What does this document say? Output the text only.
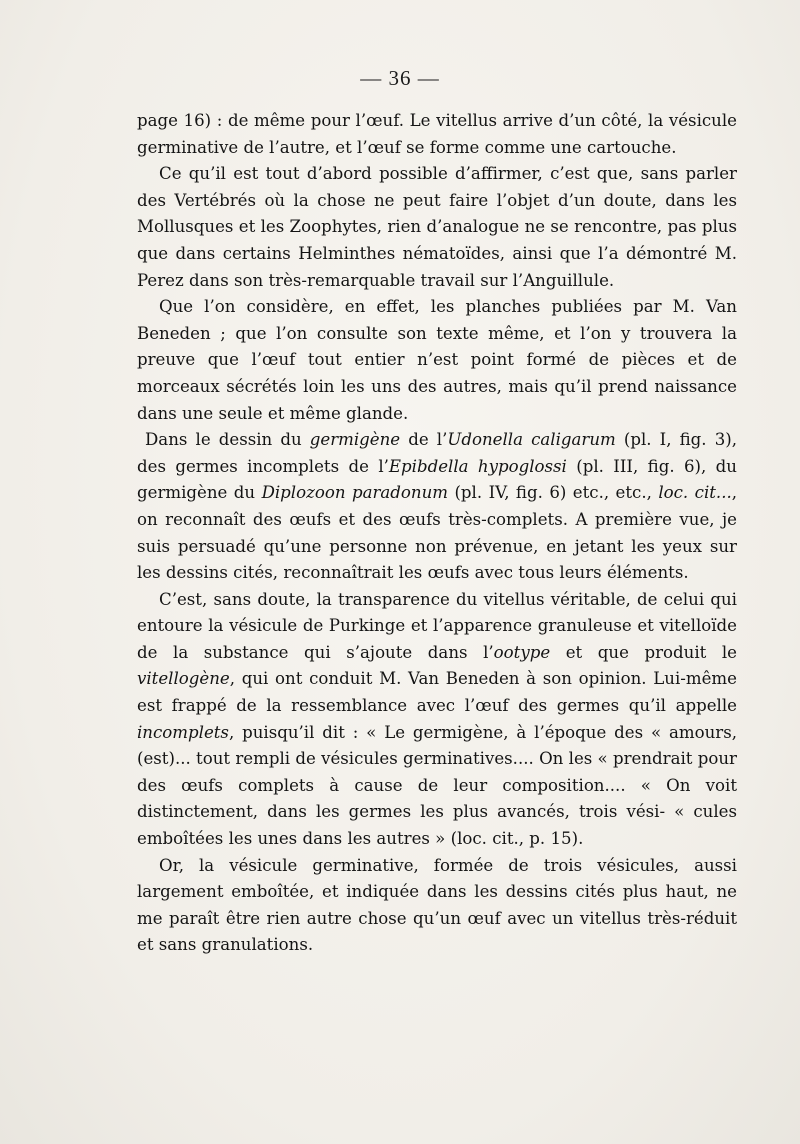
— 36 —

page 16) : de même pour l’œuf. Le vitellus arrive d’un côté, la vésicule germinative de l’autre, et l’œuf se forme comme une cartouche.

Ce qu’il est tout d’abord possible d’affirmer, c’est que, sans parler des Vertébrés où la chose ne peut faire l’objet d’un doute, dans les Mollusques et les Zoophytes, rien d’analogue ne se rencontre, pas plus que dans certains Helminthes nématoïdes, ainsi que l’a démontré M. Perez dans son très-remarquable travail sur l’Anguillule.

Que l’on considère, en effet, les planches publiées par M. Van Beneden ; que l’on consulte son texte même, et l’on y trouvera la preuve que l’œuf tout entier n’est point formé de pièces et de morceaux sécrétés loin les uns des autres, mais qu’il prend naissance dans une seule et même glande.

Dans le dessin du germigène de l’Udonella caligarum (pl. I, fig. 3), des germes incomplets de l’Epibdella hypoglossi (pl. III, fig. 6), du germigène du Diplozoon paradonum (pl. IV, fig. 6) etc., etc., loc. cit..., on reconnaît des œufs et des œufs très-complets. A première vue, je suis persuadé qu’une personne non prévenue, en jetant les yeux sur les dessins cités, reconnaîtrait les œufs avec tous leurs éléments.

C’est, sans doute, la transparence du vitellus véritable, de celui qui entoure la vésicule de Purkinge et l’apparence granuleuse et vitelloïde de la substance qui s’ajoute dans l’ootype et que produit le vitellogène, qui ont conduit M. Van Beneden à son opinion. Lui-même est frappé de la ressemblance avec l’œuf des germes qu’il appelle incomplets, puisqu’il dit : « Le germigène, à l’époque des « amours, (est)... tout rempli de vésicules germinatives.... On les « prendrait pour des œufs complets à cause de leur composition.... « On voit distinctement, dans les germes les plus avancés, trois vési- « cules emboîtées les unes dans les autres » (loc. cit., p. 15).

Or, la vésicule germinative, formée de trois vésicules, aussi largement emboîtée, et indiquée dans les dessins cités plus haut, ne me paraît être rien autre chose qu’un œuf avec un vitellus très-réduit et sans granulations.
